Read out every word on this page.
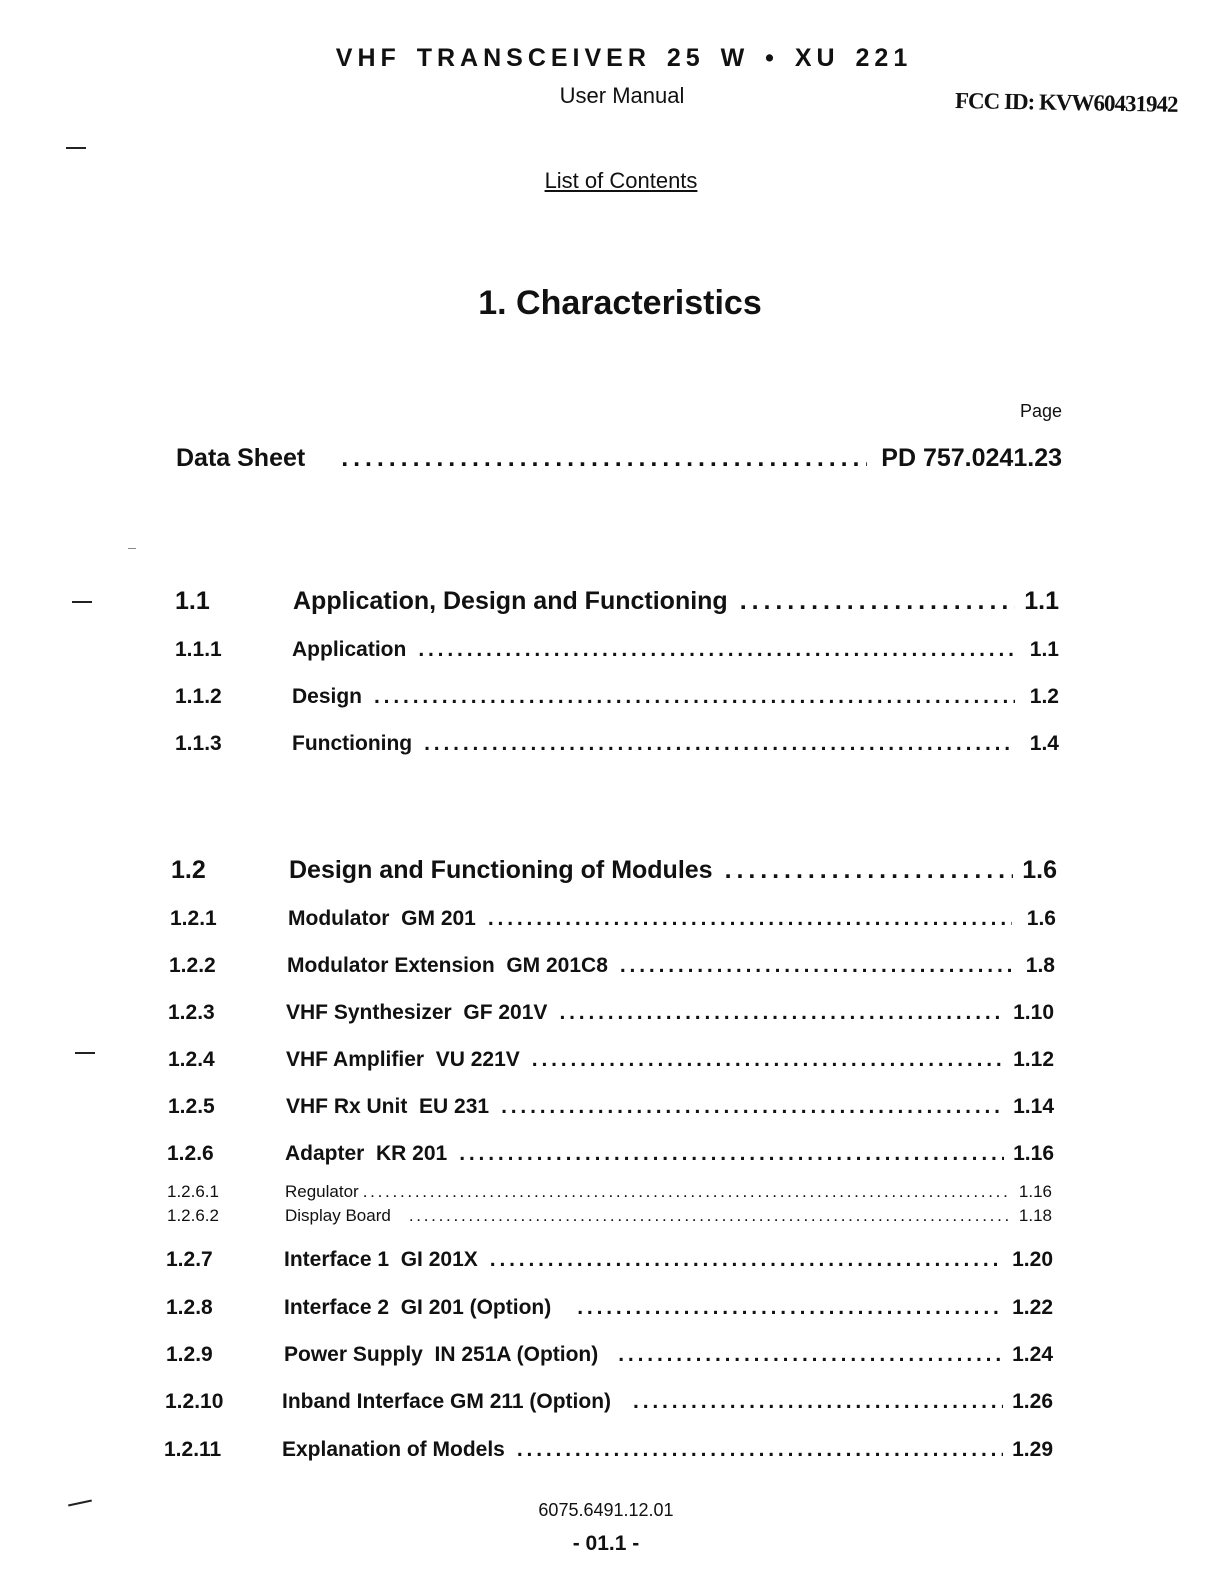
VHF TRANSCEIVER 25 W • XU 221
User Manual	FCC ID: KVW60431942
List of Contents
1. Characteristics
Page
Data Sheet . . .	PD 757.0241.23
1.1	Application, Design and Functioning . . .	1.1
1.1.1	Application . . .	1.1
1.1.2	Design . . .	1.2
1.1.3	Functioning . . .	1.4
1.2	Design and Functioning of Modules . . .	1.6
1.2.1	Modulator  GM 201 . . .	1.6
1.2.2	Modulator Extension  GM 201C8 . . .	1.8
1.2.3	VHF Synthesizer  GF 201V . . .	1.10
1.2.4	VHF Amplifier  VU 221V . . .	1.12
1.2.5	VHF Rx Unit  EU 231 . . .	1.14
1.2.6	Adapter  KR 201 . . .	1.16
1.2.6.1	Regulator . . .	1.16
1.2.6.2	Display Board . . .	1.18
1.2.7	Interface 1  GI 201X . . .	1.20
1.2.8	Interface 2  GI 201 (Option) . . .	1.22
1.2.9	Power Supply  IN 251A (Option) . . .	1.24
1.2.10	Inband Interface GM 211 (Option) . . .	1.26
1.2.11	Explanation of Models . . .	1.29
6075.6491.12.01
- 01.1 -
